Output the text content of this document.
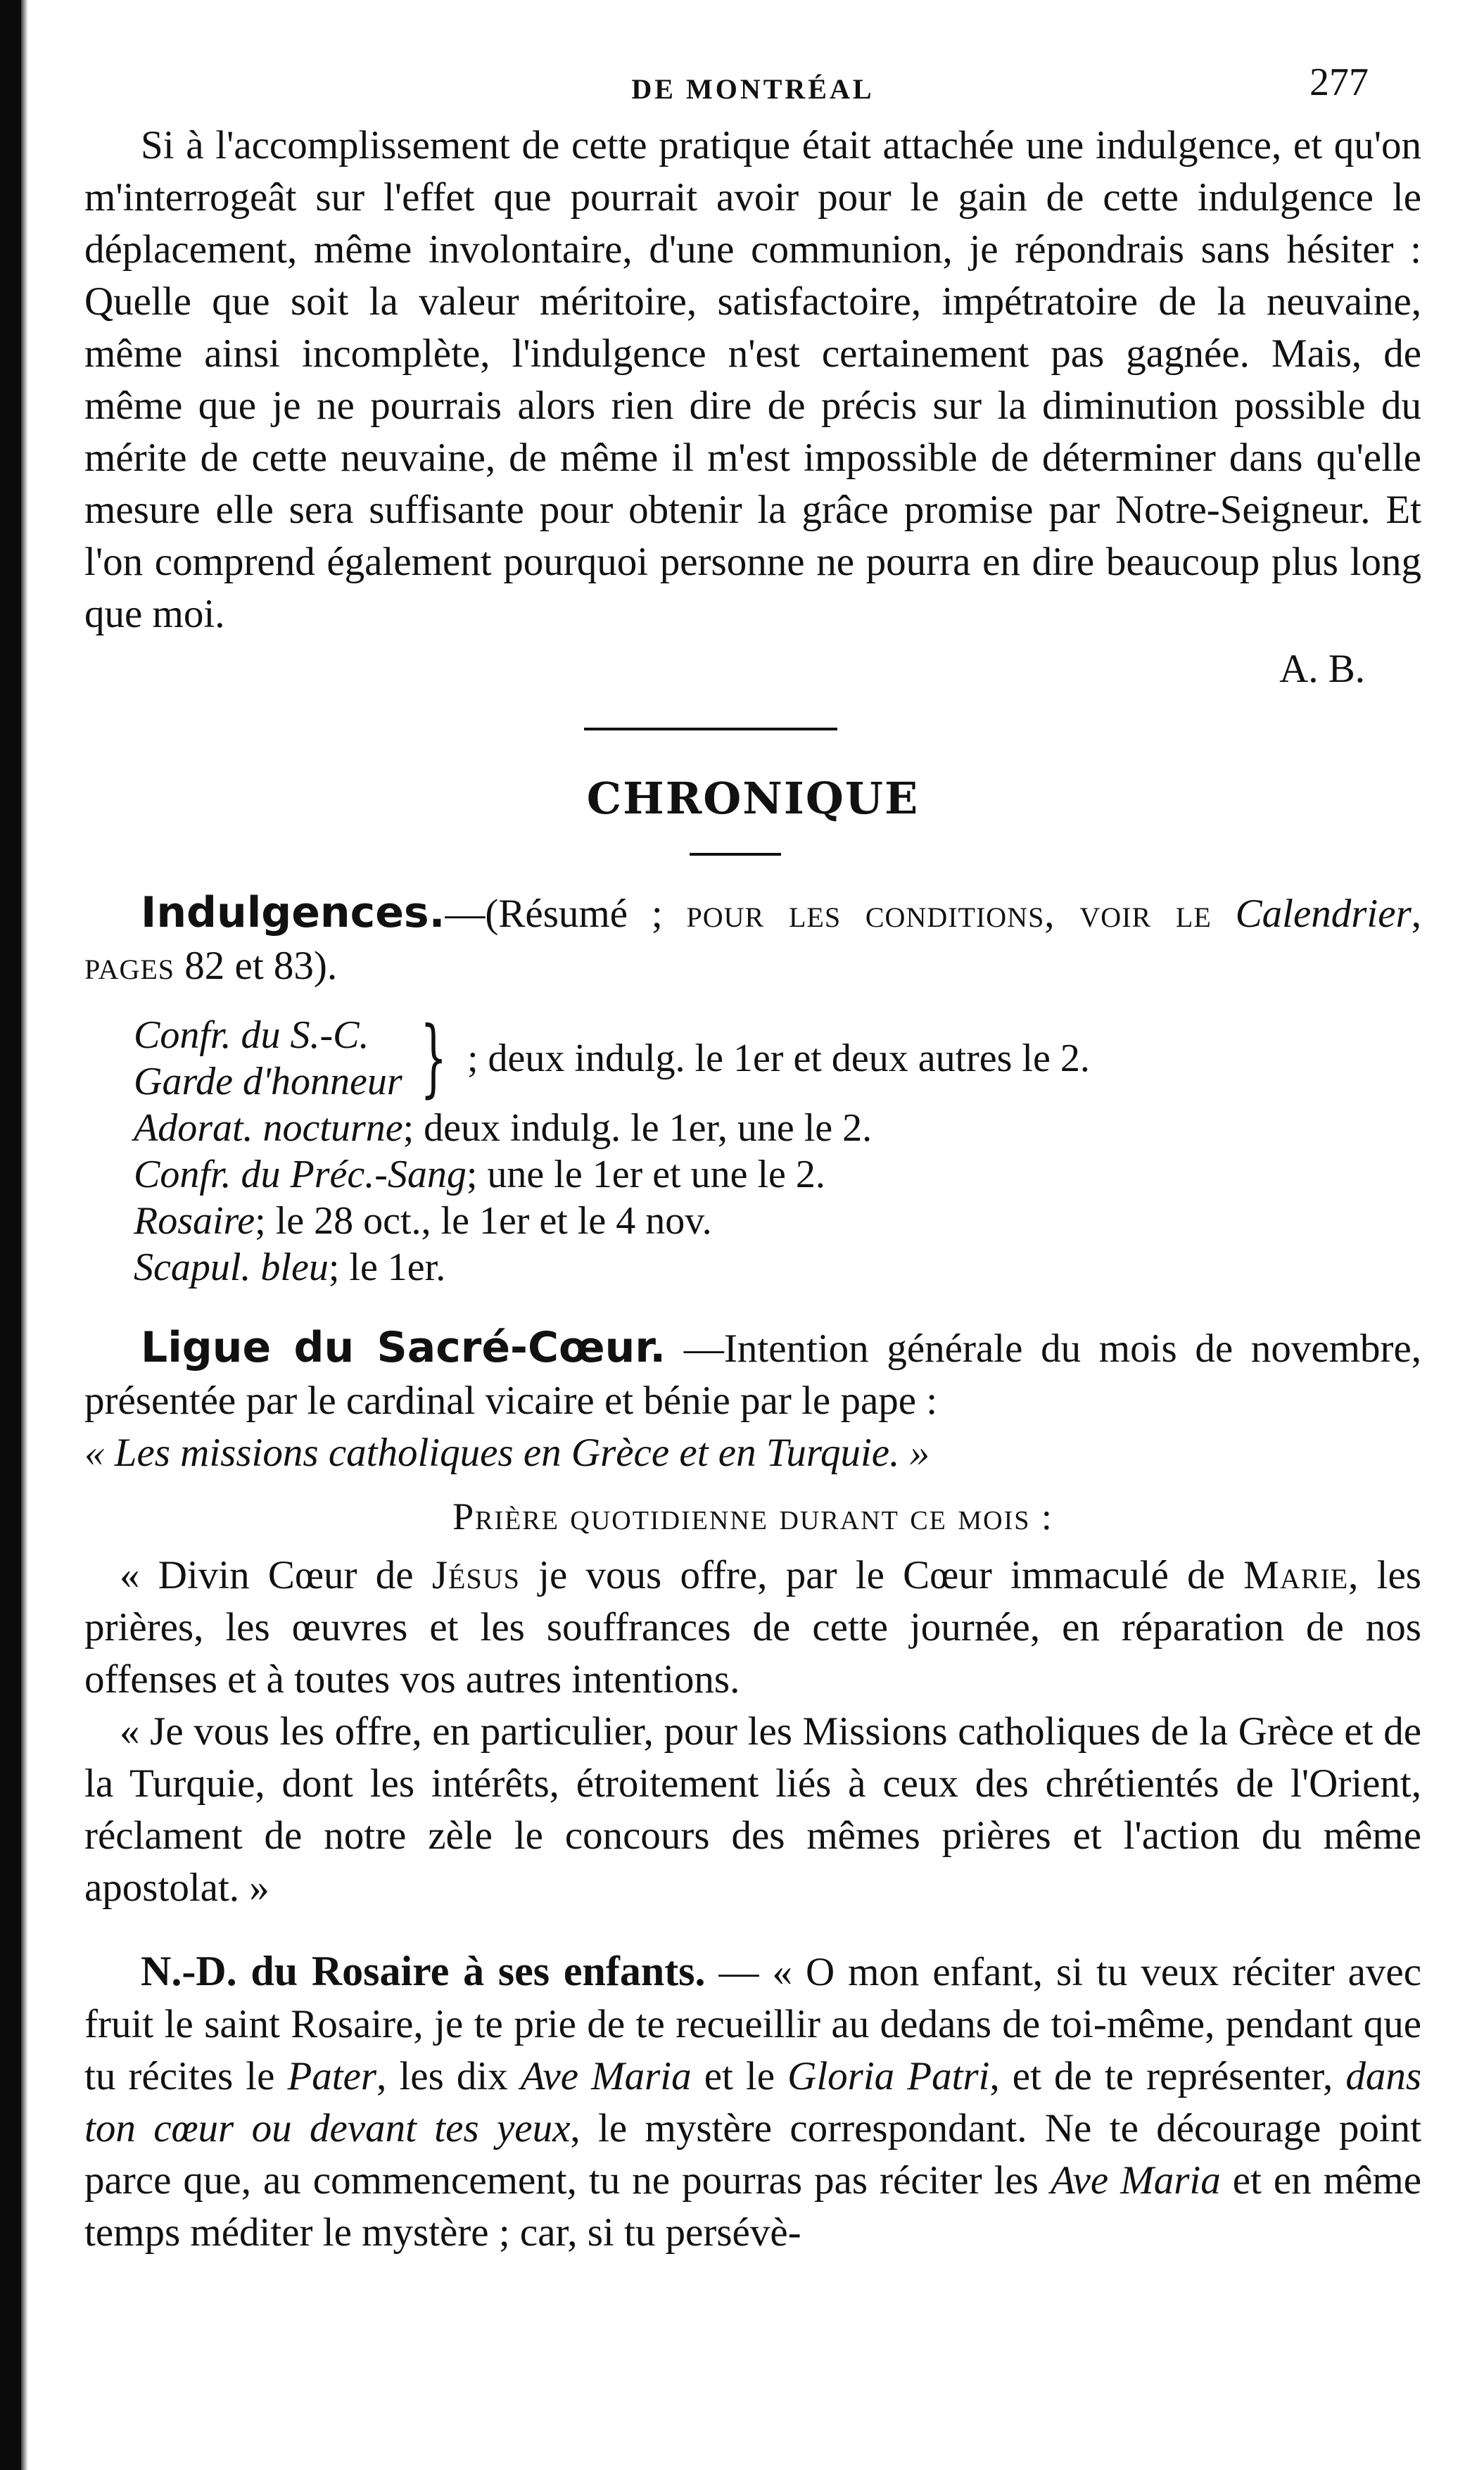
DE MONTRÉAL	277

Si à l'accomplissement de cette pratique était attachée une indulgence, et qu'on m'interrogeât sur l'effet que pourrait avoir pour le gain de cette indulgence le déplacement, même involontaire, d'une communion, je répondrais sans hésiter : Quelle que soit la valeur méritoire, satisfactoire, impétratoire de la neuvaine, même ainsi incomplète, l'indulgence n'est certainement pas gagnée. Mais, de même que je ne pourrais alors rien dire de précis sur la diminution possible du mérite de cette neuvaine, de même il m'est impossible de déterminer dans qu'elle mesure elle sera suffisante pour obtenir la grâce promise par Notre-Seigneur. Et l'on comprend également pourquoi personne ne pourra en dire beaucoup plus long que moi.

A. B.

CHRONIQUE

Indulgences.—(Résumé ; pour les conditions, voir le Calendrier, pages 82 et 83).

Confr. du S.-C.
Garde d'honneur } ; deux indulg. le 1er et deux autres le 2.
Adorat. nocturne ; deux indulg. le 1er, une le 2.
Confr. du Préc.-Sang ; une le 1er et une le 2.
Rosaire ; le 28 oct., le 1er et le 4 nov.
Scapul. bleu ; le 1er.

Ligue du Sacré-Cœur. —Intention générale du mois de novembre, présentée par le cardinal vicaire et bénie par le pape :

« Les missions catholiques en Grèce et en Turquie. »

Prière quotidienne durant ce mois :

« Divin Cœur de Jésus je vous offre, par le Cœur immaculé de Marie, les prières, les œuvres et les souffrances de cette journée, en réparation de nos offenses et à toutes vos autres intentions.

« Je vous les offre, en particulier, pour les Missions catholiques de la Grèce et de la Turquie, dont les intérêts, étroitement liés à ceux des chrétientés de l'Orient, réclament de notre zèle le concours des mêmes prières et l'action du même apostolat. »

N.-D. du Rosaire à ses enfants. — « O mon enfant, si tu veux réciter avec fruit le saint Rosaire, je te prie de te recueillir au dedans de toi-même, pendant que tu récites le Pater, les dix Ave Maria et le Gloria Patri, et de te représenter, dans ton cœur ou devant tes yeux, le mystère correspondant. Ne te décourage point parce que, au commencement, tu ne pourras pas réciter les Ave Maria et en même temps méditer le mystère ; car, si tu persévè-
